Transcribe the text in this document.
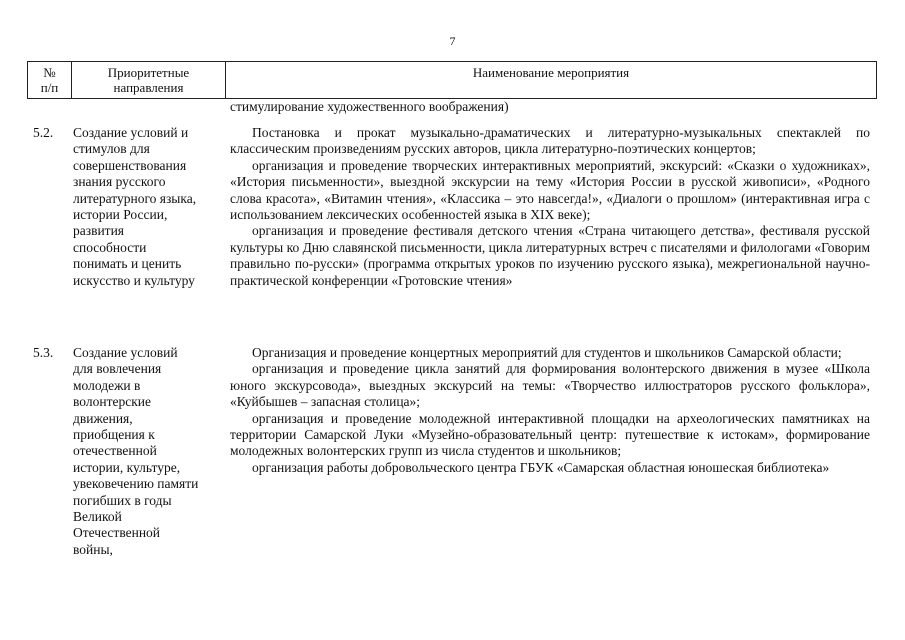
7
№
п/п
Приоритетные
направления
Наименование мероприятия
стимулирование художественного воображения)
5.2.	Создание условий и
стимулов для
совершенствования
знания русского
литературного языка,
истории России,
развития
способности
понимать и ценить
искусство и культуру

Постановка и прокат музыкально-драматических и литературно-музыкальных спектаклей по классическим произведениям русских авторов, цикла литературно-поэтических концертов;

организация и проведение творческих интерактивных мероприятий, экскурсий: «Сказки о художниках», «История письменности», выездной экскурсии на тему «История России в русской живописи», «Родного слова красота», «Витамин чтения», «Классика – это навсегда!», «Диалоги о прошлом» (интерактивная игра с использованием лексических особенностей языка в XIX веке);

организация и проведение фестиваля детского чтения «Страна читающего детства», фестиваля русской культуры ко Дню славянской письменности, цикла литературных встреч с писателями и филологами «Говорим правильно по-русски» (программа открытых уроков по изучению русского языка), межрегиональной научно-практической конференции «Гротовские чтения»

5.3.	Создание условий
для вовлечения
молодежи в
волонтерские
движения,
приобщения к
отечественной
истории, культуре,
увековечению памяти
погибших в годы
Великой
Отечественной
войны,

Организация и проведение концертных мероприятий для студентов и школьников Самарской области;

организация и проведение цикла занятий для формирования волонтерского движения в музее «Школа юного экскурсовода», выездных экскурсий на темы: «Творчество иллюстраторов русского фольклора», «Куйбышев – запасная столица»;

организация и проведение молодежной интерактивной площадки на археологических памятниках на территории Самарской Луки «Музейно-образовательный центр: путешествие к истокам», формирование молодежных волонтерских групп из числа студентов и школьников;

организация работы добровольческого центра ГБУК «Самарская областная юношеская библиотека»
